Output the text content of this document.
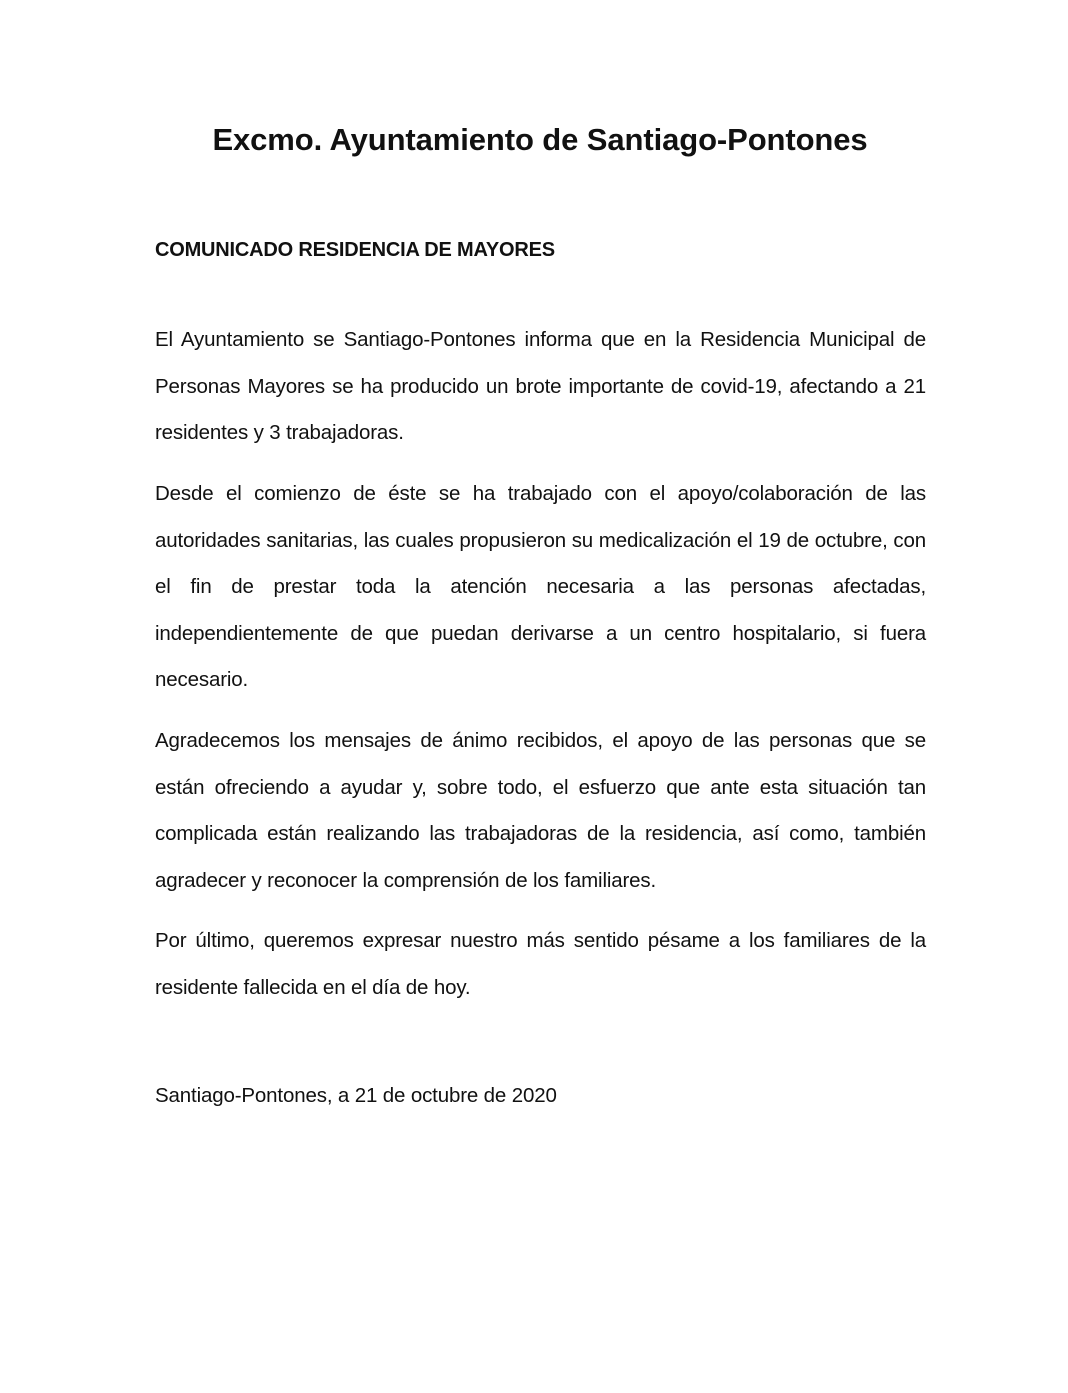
Excmo. Ayuntamiento de Santiago-Pontones
COMUNICADO RESIDENCIA DE MAYORES

El Ayuntamiento se Santiago-Pontones informa que en la Residencia Municipal de Personas Mayores se ha producido un brote importante de covid-19, afectando a 21 residentes y 3 trabajadoras.

Desde el comienzo de éste se ha trabajado con el apoyo/colaboración de las autoridades sanitarias, las cuales propusieron su medicalización el 19 de octubre, con el fin de prestar toda la atención necesaria a las personas afectadas, independientemente de que puedan derivarse a un centro hospitalario, si fuera necesario.

Agradecemos los mensajes de ánimo recibidos, el apoyo de las personas que se están ofreciendo a ayudar y, sobre todo, el esfuerzo que ante esta situación tan complicada están realizando las trabajadoras de la residencia, así como, también agradecer y reconocer la comprensión de los familiares.

Por último, queremos expresar nuestro más sentido pésame a los familiares de la residente fallecida en el día de hoy.

Santiago-Pontones, a 21 de octubre de 2020
